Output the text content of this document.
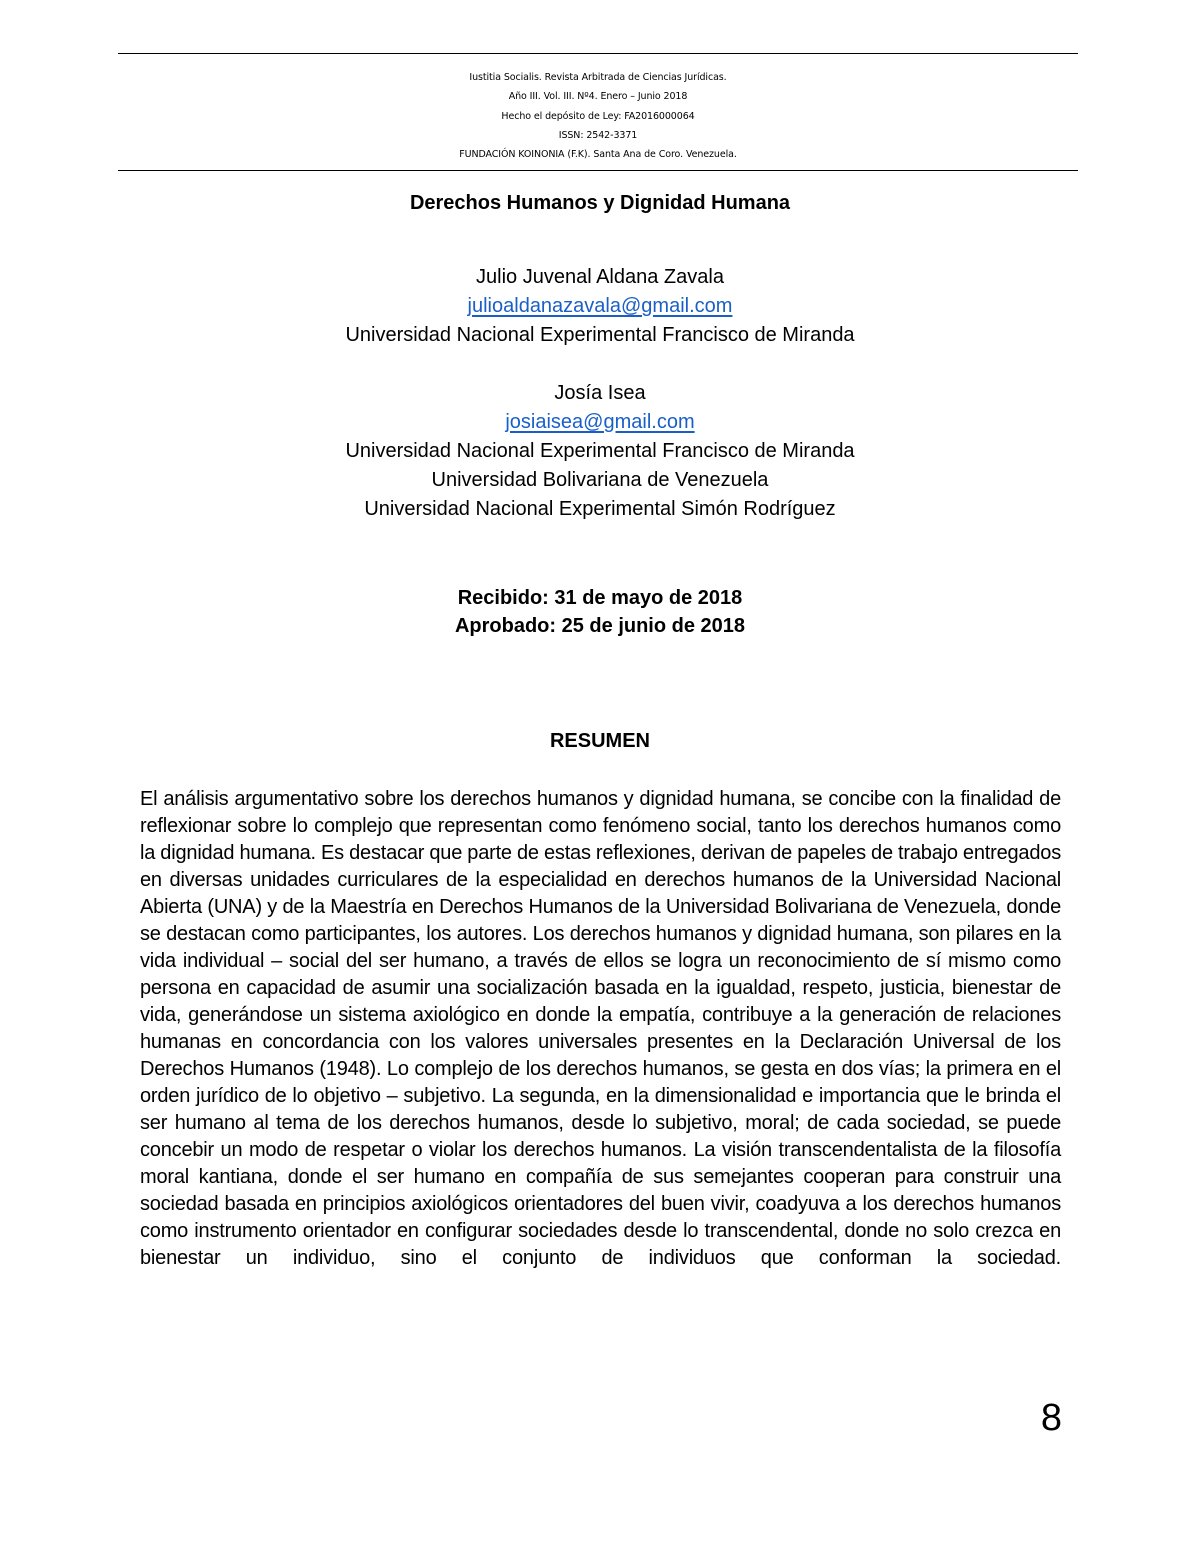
Iustitia Socialis. Revista Arbitrada de Ciencias Jurídicas.
Año III. Vol. III. Nº4. Enero – Junio 2018
Hecho el depósito de Ley: FA2016000064
ISSN: 2542-3371
FUNDACIÓN KOINONIA (F.K). Santa Ana de Coro. Venezuela.
Derechos Humanos y Dignidad Humana
Julio Juvenal Aldana Zavala
julioaldanazavala@gmail.com
Universidad Nacional Experimental Francisco de Miranda
Josía Isea
josiaisea@gmail.com
Universidad Nacional Experimental Francisco de Miranda
Universidad Bolivariana de Venezuela
Universidad Nacional Experimental Simón Rodríguez
Recibido: 31 de mayo de 2018
Aprobado: 25 de junio de 2018
RESUMEN

El análisis argumentativo sobre los derechos humanos y dignidad humana, se concibe con la finalidad de reflexionar sobre lo complejo que representan como fenómeno social, tanto los derechos humanos como la dignidad humana. Es destacar que parte de estas reflexiones, derivan de papeles de trabajo entregados en diversas unidades curriculares de la especialidad en derechos humanos de la Universidad Nacional Abierta (UNA) y de la Maestría en Derechos Humanos de la Universidad Bolivariana de Venezuela, donde se destacan como participantes, los autores. Los derechos humanos y dignidad humana, son pilares en la vida individual – social del ser humano, a través de ellos se logra un reconocimiento de sí mismo como persona en capacidad de asumir una socialización basada en la igualdad, respeto, justicia, bienestar de vida, generándose un sistema axiológico en donde la empatía, contribuye a la generación de relaciones humanas en concordancia con los valores universales presentes en la Declaración Universal de los Derechos Humanos (1948). Lo complejo de los derechos humanos, se gesta en dos vías; la primera en el orden jurídico de lo objetivo – subjetivo. La segunda, en la dimensionalidad e importancia que le brinda el ser humano al tema de los derechos humanos, desde lo subjetivo, moral; de cada sociedad, se puede concebir un modo de respetar o violar los derechos humanos. La visión transcendentalista de la filosofía moral kantiana, donde el ser humano en compañía de sus semejantes cooperan para construir una sociedad basada en principios axiológicos orientadores del buen vivir, coadyuva a los derechos humanos como instrumento orientador en configurar sociedades desde lo transcendental, donde no solo crezca en bienestar un individuo, sino el conjunto de individuos que conforman la sociedad.

8
